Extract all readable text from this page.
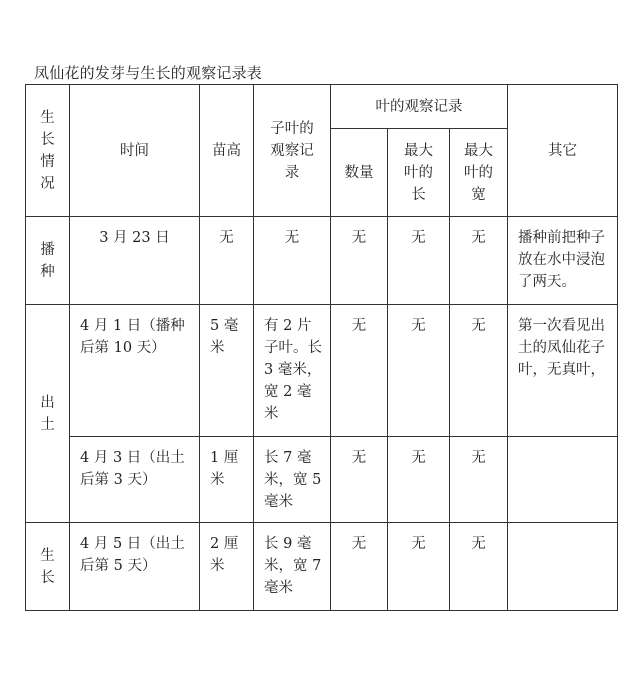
凤仙花的发芽与生长的观察记录表
生长情况	时间	苗高	子叶的观察记录	叶的观察记录			其它
				数量	最大叶的长	最大叶的宽	
播种	3 月 23 日	无	无	无	无	无	播种前把种子放在水中浸泡了两天。
出土	4 月 1 日（播种后第 10 天）	5 毫米	有 2 片子叶。长 3 毫米，宽 2 毫米	无	无	无	第一次看见出土的凤仙花子叶，无真叶，
	4 月 3 日（出土后第 3 天）	1 厘米	长 7 毫米，宽 5 毫米	无	无	无	
生长	4 月 5 日（出土后第 5 天）	2 厘米	长 9 毫米，宽 7 毫米	无	无	无	
